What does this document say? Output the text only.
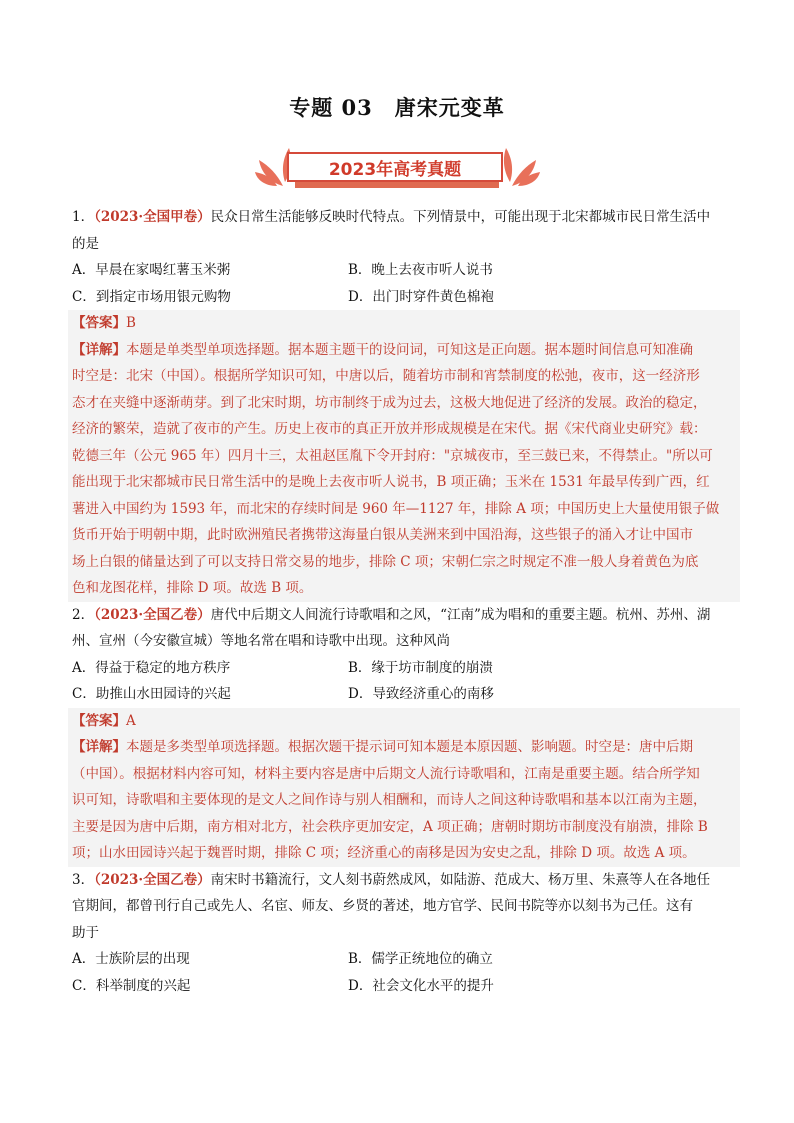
专题 03　唐宋元变革
2023年高考真题
1．（2023·全国甲卷）民众日常生活能够反映时代特点。下列情景中，可能出现于北宋都城市民日常生活中
的是
A．早晨在家喝红薯玉米粥	B．晚上去夜市听人说书
C．到指定市场用银元购物	D．出门时穿件黄色棉袍
【答案】B
【详解】本题是单类型单项选择题。据本题主题干的设问词，可知这是正向题。据本题时间信息可知准确
时空是：北宋（中国）。根据所学知识可知，中唐以后，随着坊市制和宵禁制度的松弛，夜市，这一经济形
态才在夹缝中逐渐萌芽。到了北宋时期，坊市制终于成为过去，这极大地促进了经济的发展。政治的稳定，
经济的繁荣，造就了夜市的产生。历史上夜市的真正开放并形成规模是在宋代。据《宋代商业史研究》载：
乾德三年（公元 965 年）四月十三，太祖赵匡胤下令开封府："京城夜市，至三鼓已来，不得禁止。"所以可
能出现于北宋都城市民日常生活中的是晚上去夜市听人说书，B 项正确；玉米在 1531 年最早传到广西，红
薯进入中国约为 1593 年，而北宋的存续时间是 960 年—1127 年，排除 A 项；中国历史上大量使用银子做
货币开始于明朝中期，此时欧洲殖民者携带这海量白银从美洲来到中国沿海，这些银子的涌入才让中国市
场上白银的储量达到了可以支持日常交易的地步，排除 C 项；宋朝仁宗之时规定不准一般人身着黄色为底
色和龙图花样，排除 D 项。故选 B 项。
2．（2023·全国乙卷）唐代中后期文人间流行诗歌唱和之风，“江南”成为唱和的重要主题。杭州、苏州、湖
州、宣州（今安徽宣城）等地名常在唱和诗歌中出现。这种风尚
A．得益于稳定的地方秩序	B．缘于坊市制度的崩溃
C．助推山水田园诗的兴起	D．导致经济重心的南移
【答案】A
【详解】本题是多类型单项选择题。根据次题干提示词可知本题是本原因题、影响题。时空是：唐中后期
（中国）。根据材料内容可知，材料主要内容是唐中后期文人流行诗歌唱和，江南是重要主题。结合所学知
识可知，诗歌唱和主要体现的是文人之间作诗与别人相酬和，而诗人之间这种诗歌唱和基本以江南为主题，
主要是因为唐中后期，南方相对北方，社会秩序更加安定，A 项正确；唐朝时期坊市制度没有崩溃，排除 B
项；山水田园诗兴起于魏晋时期，排除 C 项；经济重心的南移是因为安史之乱，排除 D 项。故选 A 项。
3．（2023·全国乙卷）南宋时书籍流行，文人刻书蔚然成风，如陆游、范成大、杨万里、朱熹等人在各地任
官期间，都曾刊行自己或先人、名宦、师友、乡贤的著述，地方官学、民间书院等亦以刻书为己任。这有
助于
A．士族阶层的出现	B．儒学正统地位的确立
C．科举制度的兴起	D．社会文化水平的提升
